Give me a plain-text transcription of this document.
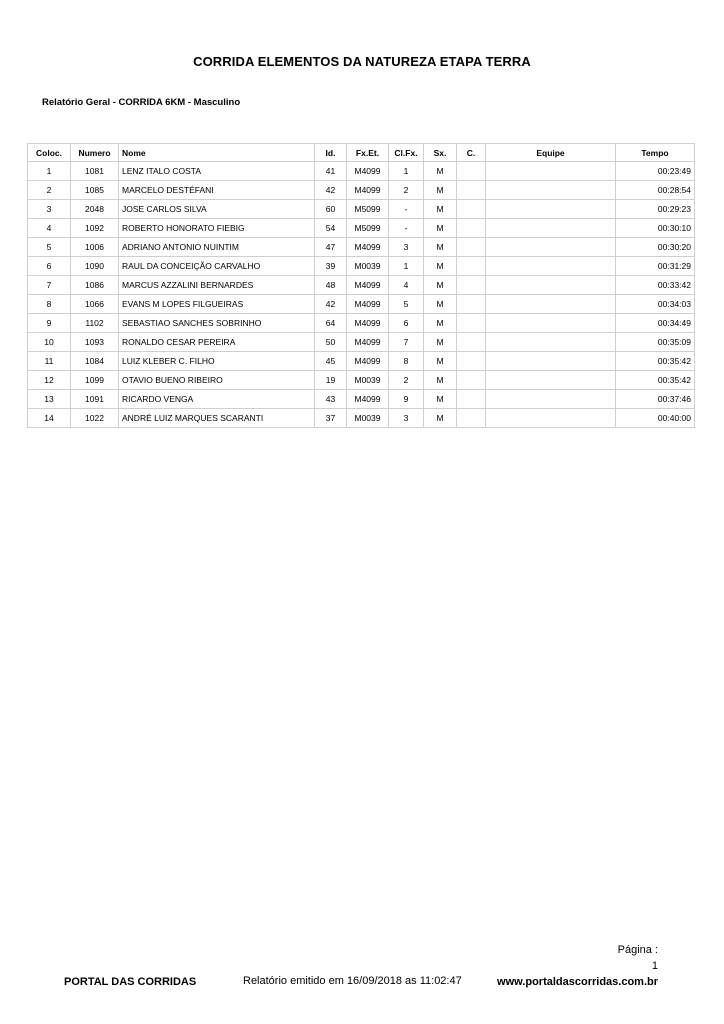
CORRIDA ELEMENTOS DA NATUREZA ETAPA TERRA
Relatório Geral - CORRIDA 6KM - Masculino
Coloc.	Numero	Nome	Id.	Fx.Et.	Cl.Fx.	Sx.	C.	Equipe	Tempo
1	1081	LENZ ITALO COSTA	41	M4099	1	M			00:23:49
2	1085	MARCELO DESTÉFANI	42	M4099	2	M			00:28:54
3	2048	JOSE CARLOS SILVA	60	M5099	-	M			00:29:23
4	1092	ROBERTO HONORATO FIEBIG	54	M5099	-	M			00:30:10
5	1006	ADRIANO ANTONIO NUINTIM	47	M4099	3	M			00:30:20
6	1090	RAUL DA CONCEIÇÃO CARVALHO	39	M0039	1	M			00:31:29
7	1086	MARCUS AZZALINI BERNARDES	48	M4099	4	M			00:33:42
8	1066	EVANS M LOPES FILGUEIRAS	42	M4099	5	M			00:34:03
9	1102	SEBASTIAO SANCHES SOBRINHO	64	M4099	6	M			00:34:49
10	1093	RONALDO CESAR PEREIRA	50	M4099	7	M			00:35:09
11	1084	LUIZ KLEBER C. FILHO	45	M4099	8	M			00:35:42
12	1099	OTAVIO BUENO RIBEIRO	19	M0039	2	M			00:35:42
13	1091	RICARDO VENGA	43	M4099	9	M			00:37:46
14	1022	ANDRÉ LUIZ MARQUES SCARANTI	37	M0039	3	M			00:40:00
Página :
1
PORTAL DAS CORRIDAS	Relatório emitido em 16/09/2018 as 11:02:47	www.portaldascorridas.com.br
